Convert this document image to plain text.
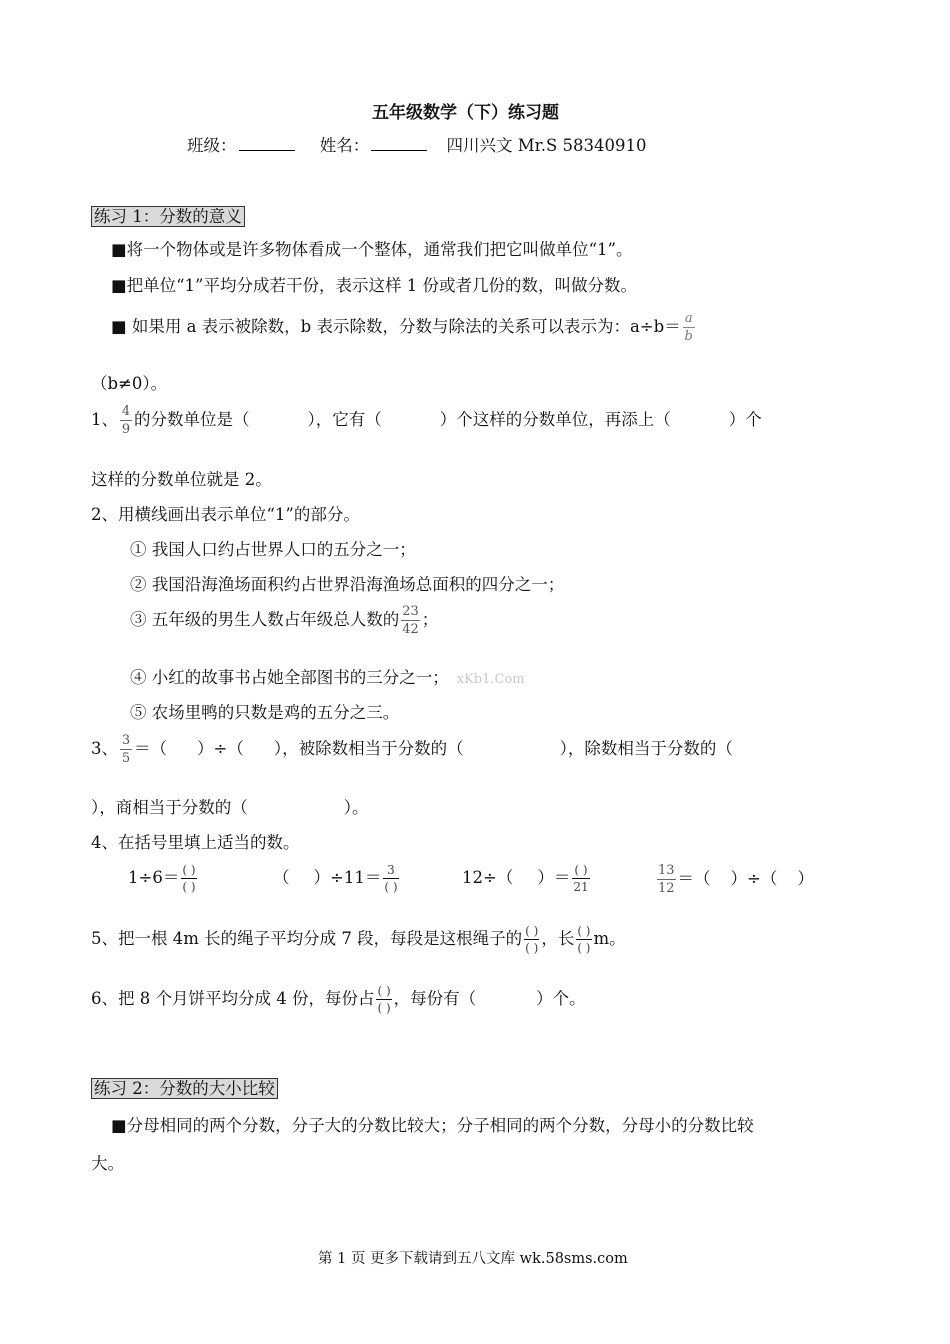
五年级数学（下）练习题
班级：	姓名：	四川兴文 Mr.S 58340910
练习 1：分数的意义
■将一个物体或是许多物体看成一个整体，通常我们把它叫做单位“1”。
■把单位“1”平均分成若干份，表示这样 1 份或者几份的数，叫做分数。
■ 如果用 a 表示被除数，b 表示除数，分数与除法的关系可以表示为：$a\div b= \frac{a}{b}$
（b≠0）。
1、 $\frac{4}{9}$ 的分数单位是（	），它有（	）个这样的分数单位，再添上（	）个
这样的分数单位就是 2。
2、用横线画出表示单位“1”的部分。
① 我国人口约占世界人口的五分之一；
② 我国沿海渔场面积约占世界沿海渔场总面积的四分之一；
③ 五年级的男生人数占年级总人数的 $\frac{23}{42}$ ；
④ 小红的故事书占她全部图书的三分之一； xKb1.Com
⑤ 农场里鸭的只数是鸡的五分之三。
3、 $\frac{3}{5}$ ＝（ ）÷（ ），被除数相当于分数的（	），除数相当于分数的（
），商相当于分数的（	）。
4、在括号里填上适当的数。
$1\div 6= \frac{( )}{( )}$	（ ）$\div 11= \frac{3}{( )}$	12÷（ ）＝ $\frac{( )}{21}$	$\frac{13}{12}$ ＝（ ）÷（ ）
5、把一根 4m 长的绳子平均分成 7 段，每段是这根绳子的 $\frac{( )}{( )}$ ，长 $\frac{( )}{( )}$ m。
6、把 8 个月饼平均分成 4 份，每份占 $\frac{( )}{( )}$ ，每份有（	）个。
练习 2：分数的大小比较
■分母相同的两个分数，分子大的分数比较大；分子相同的两个分数，分母小的分数比较
大。
第 1 页 更多下载请到五八文库 wk.58sms.com
